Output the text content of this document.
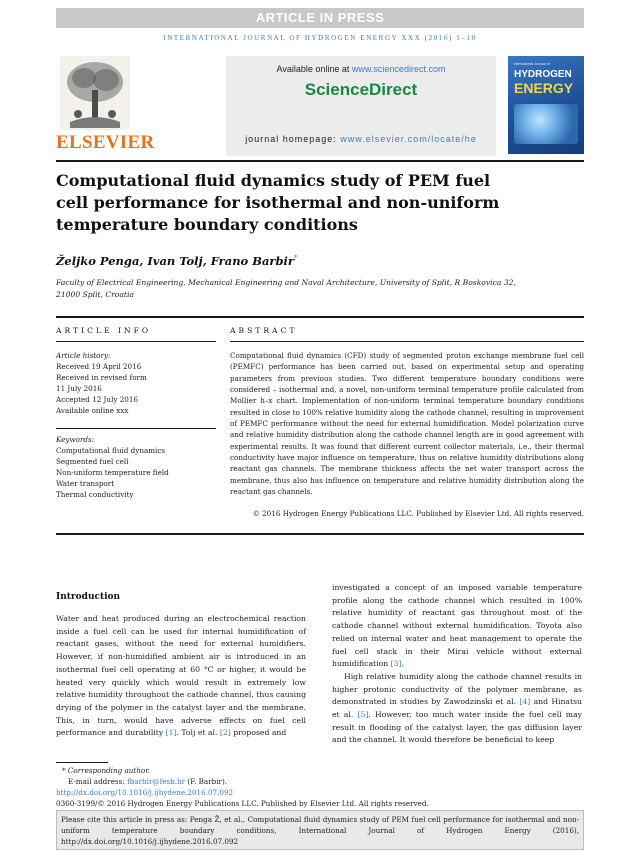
ARTICLE IN PRESS
INTERNATIONAL JOURNAL OF HYDROGEN ENERGY XXX (2016) 1–10
ELSEVIER
Available online at www.sciencedirect.com
ScienceDirect
journal homepage: www.elsevier.com/locate/he
International Journal of
HYDROGEN
ENERGY
Computational fluid dynamics study of PEM fuel cell performance for isothermal and non-uniform temperature boundary conditions
Željko Penga, Ivan Tolj, Frano Barbir*
Faculty of Electrical Engineering, Mechanical Engineering and Naval Architecture, University of Split, R Boskovica 32, 21000 Split, Croatia
ARTICLE INFO	ABSTRACT
Article history:
Received 19 April 2016
Received in revised form
11 July 2016
Accepted 12 July 2016
Available online xxx
Keywords:
Computational fluid dynamics
Segmented fuel cell
Non-uniform temperature field
Water transport
Thermal conductivity

Computational fluid dynamics (CFD) study of segmented proton exchange membrane fuel cell (PEMFC) performance has been carried out, based on experimental setup and operating parameters from previous studies. Two different temperature boundary conditions were considered – isothermal and, a novel, non-uniform terminal temperature profile calculated from Mollier h–x chart. Implementation of non-uniform terminal temperature boundary conditions resulted in close to 100% relative humidity along the cathode channel, resulting in improvement of PEMFC performance without the need for external humidification. Model polarization curve and relative humidity distribution along the cathode channel length are in good agreement with experimental results. It was found that different current collector materials, i.e., their thermal conductivity have major influence on temperature, thus on relative humidity distributions along reactant gas channels. The membrane thickness affects the net water transport across the membrane, thus also has influence on temperature and relative humidity distribution along the reactant gas channels.

© 2016 Hydrogen Energy Publications LLC. Published by Elsevier Ltd. All rights reserved.
Introduction

Water and heat produced during an electrochemical reaction inside a fuel cell can be used for internal humidification of reactant gases, without the need for external humidifiers. However, if non-humidified ambient air is introduced in an isothermal fuel cell operating at 60 °C or higher, it would be heated very quickly which would result in extremely low relative humidity throughout the cathode channel, thus causing drying of the polymer in the catalyst layer and the membrane. This, in turn, would have adverse effects on fuel cell performance and durability [1]. Tolj et al. [2] proposed and

investigated a concept of an imposed variable temperature profile along the cathode channel which resulted in 100% relative humidity of reactant gas throughout most of the cathode channel without external humidification. Toyota also relied on internal water and heat management to operate the fuel cell stack in their Mirai vehicle without external humidification [3].
High relative humidity along the cathode channel results in higher protonic conductivity of the polymer membrane, as demonstrated in studies by Zawodzinski et al. [4] and Hinatsu et al. [5]. However, too much water inside the fuel cell may result in flooding of the catalyst layer, the gas diffusion layer and the channel. It would therefore be beneficial to keep
* Corresponding author.
E-mail address: fbarbir@fesb.hr (F. Barbir).
http://dx.doi.org/10.1016/j.ijhydene.2016.07.092
0360-3199/© 2016 Hydrogen Energy Publications LLC. Published by Elsevier Ltd. All rights reserved.
Please cite this article in press as: Penga Ž, et al., Computational fluid dynamics study of PEM fuel cell performance for isothermal and non-uniform temperature boundary conditions, International Journal of Hydrogen Energy (2016), http://dx.doi.org/10.1016/j.ijhydene.2016.07.092
